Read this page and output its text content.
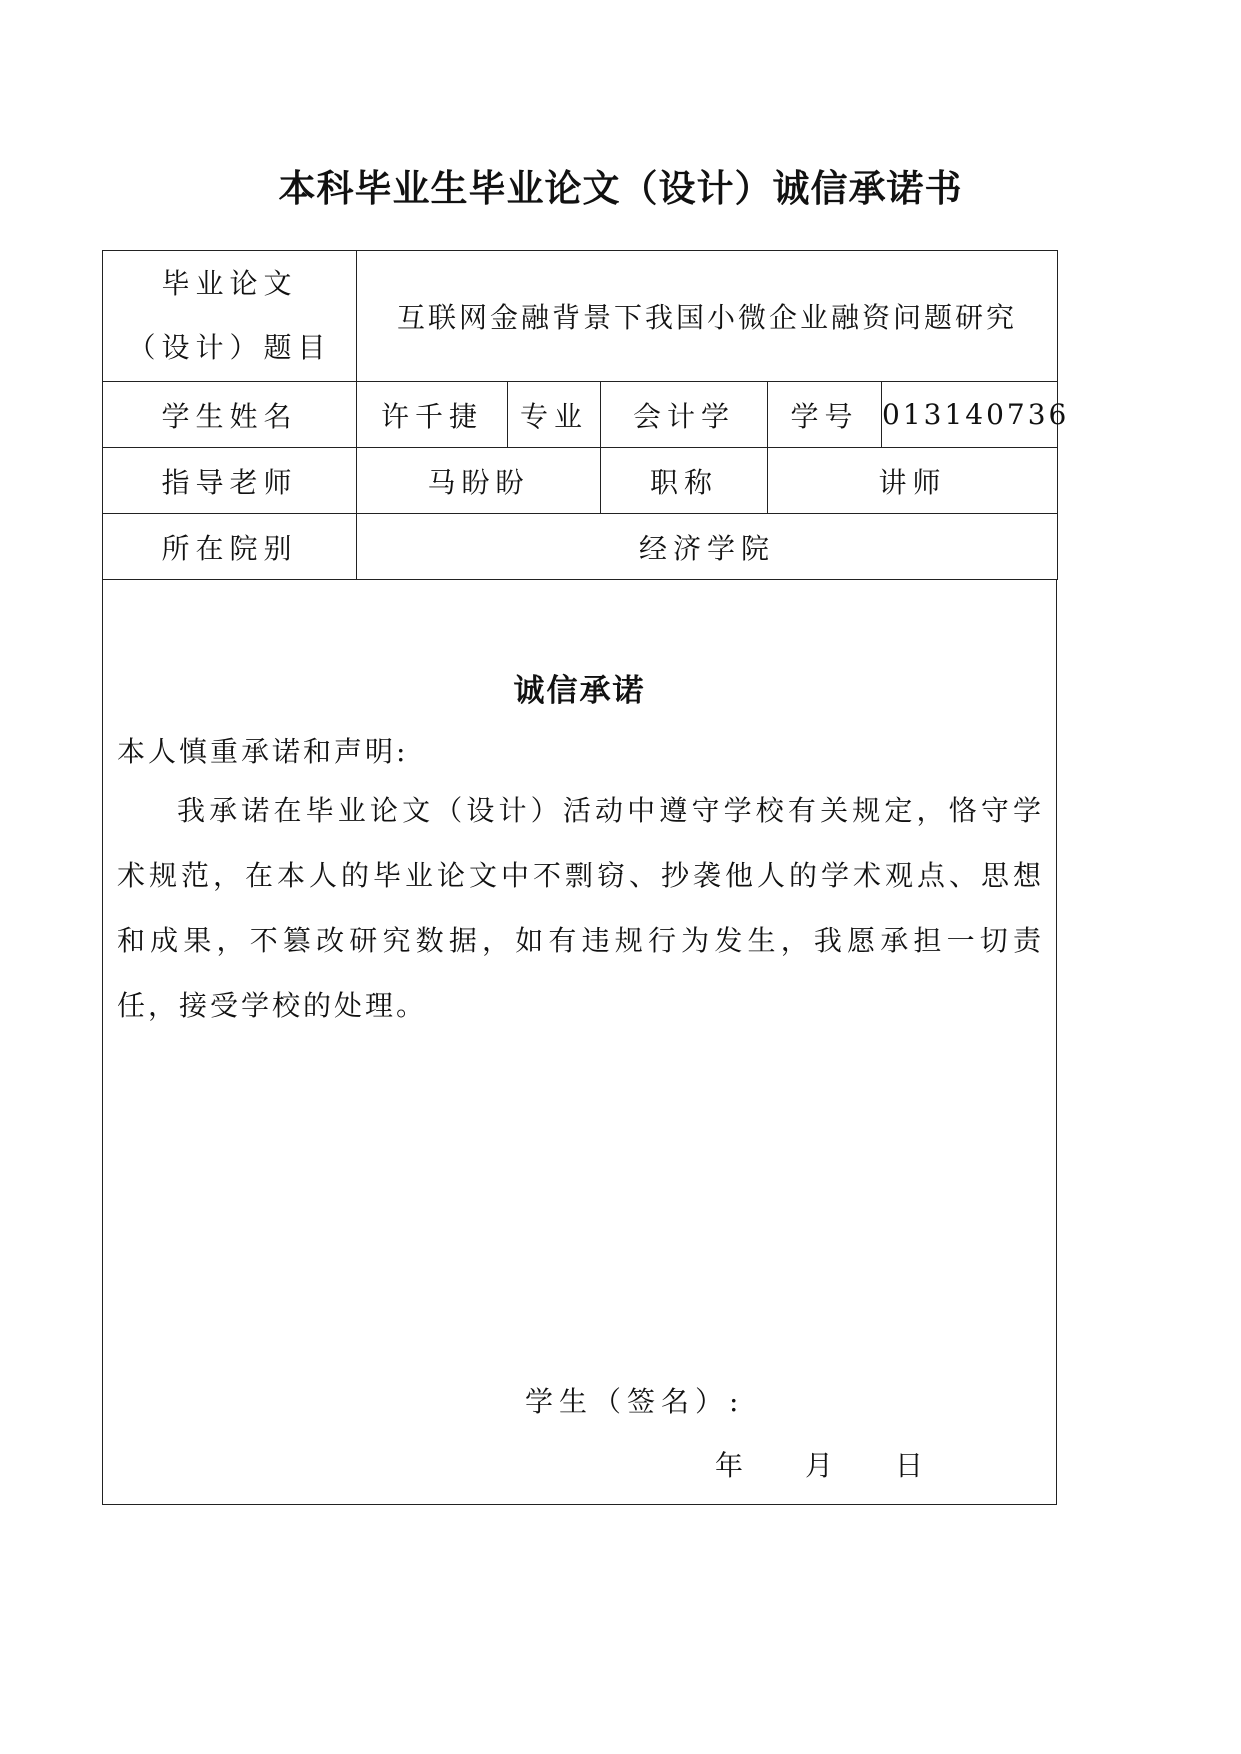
本科毕业生毕业论文（设计）诚信承诺书
毕业论文
（设计）题目	互联网金融背景下我国小微企业融资问题研究				
学生姓名	许千捷	专业	会计学	学号	013140736
指导老师	马盼盼		职称	讲师	
所在院别	经济学院				
诚信承诺
本人慎重承诺和声明:
我承诺在毕业论文（设计）活动中遵守学校有关规定，恪守学术规范，在本人的毕业论文中不剽窃、抄袭他人的学术观点、思想和成果，不篡改研究数据，如有违规行为发生，我愿承担一切责任，接受学校的处理。
学生（签名）:
年 月 日
